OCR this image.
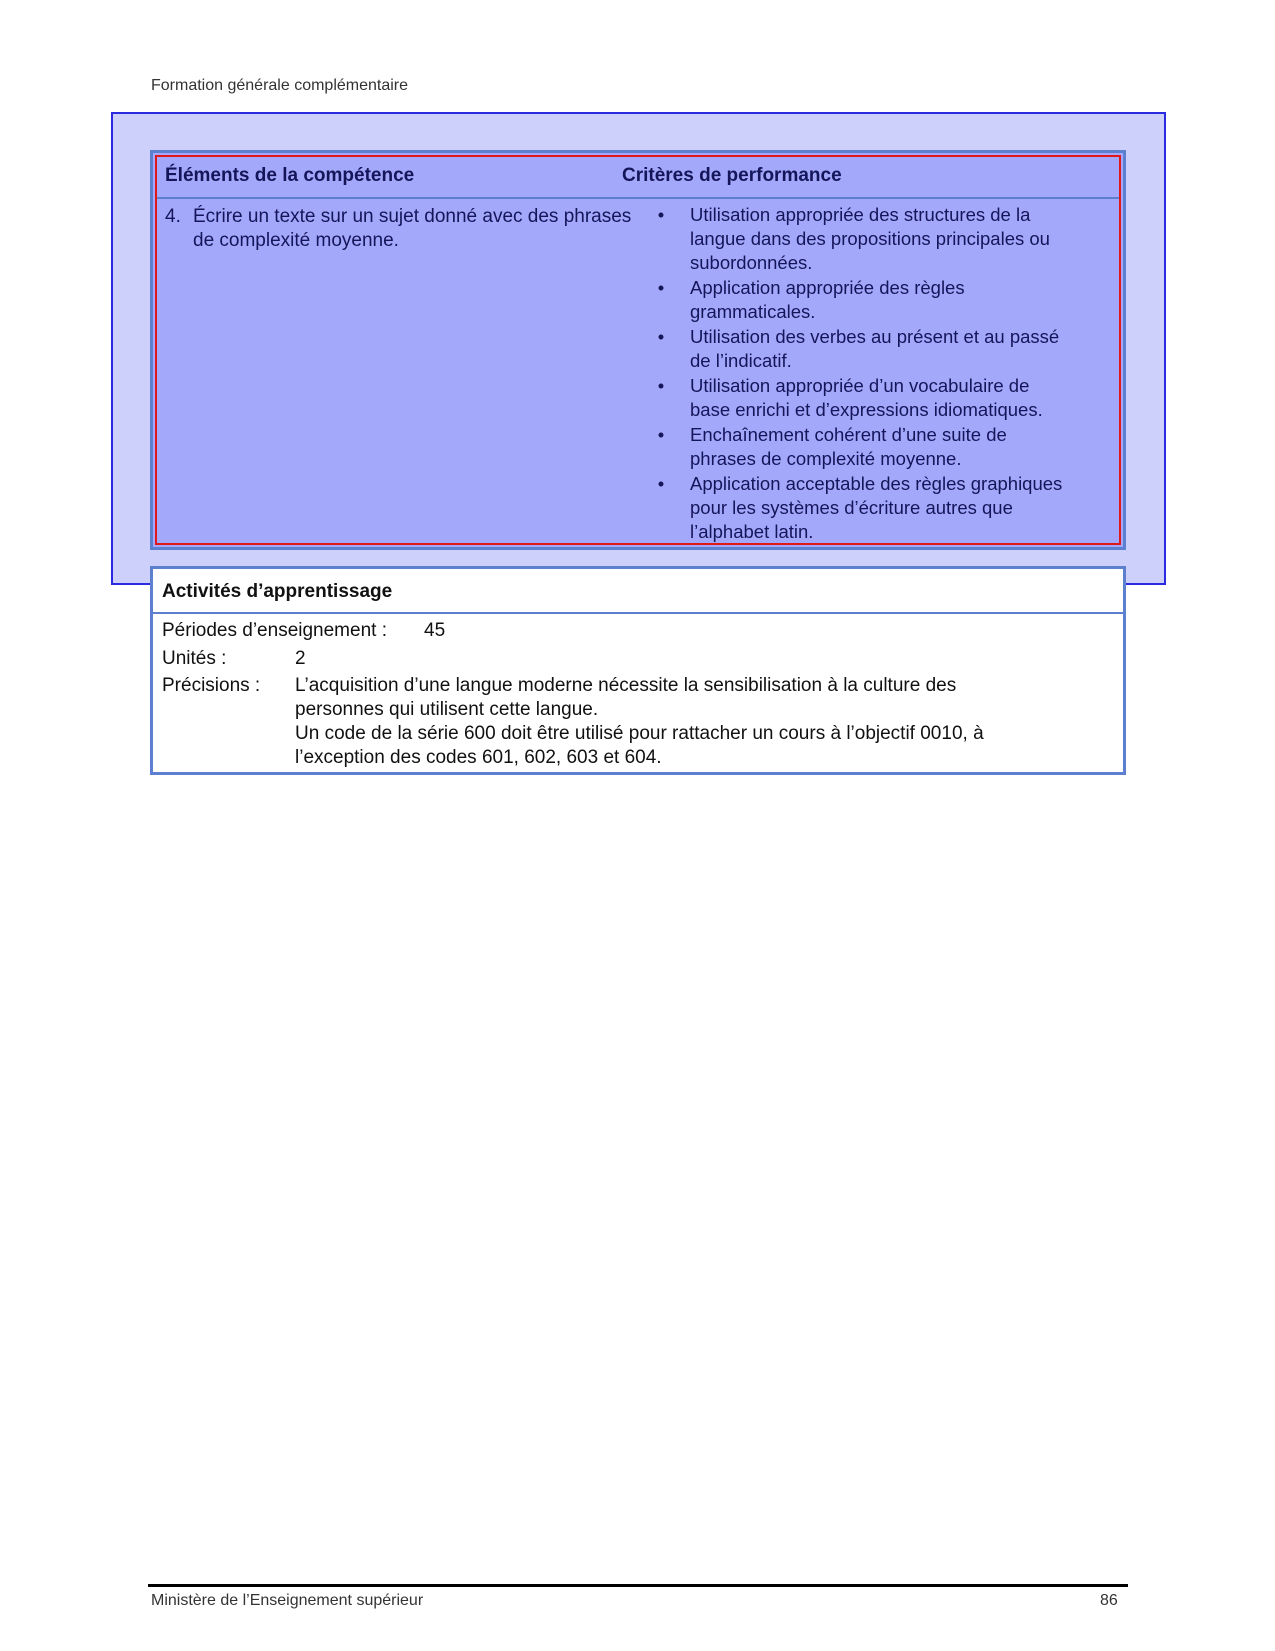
Formation générale complémentaire
Éléments de la compétence	Critères de performance
4. Écrire un texte sur un sujet donné avec des phrases de complexité moyenne.
• Utilisation appropriée des structures de la langue dans des propositions principales ou subordonnées.
• Application appropriée des règles grammaticales.
• Utilisation des verbes au présent et au passé de l’indicatif.
• Utilisation appropriée d’un vocabulaire de base enrichi et d’expressions idiomatiques.
• Enchaînement cohérent d’une suite de phrases de complexité moyenne.
• Application acceptable des règles graphiques pour les systèmes d’écriture autres que l’alphabet latin.
Activités d’apprentissage
Périodes d’enseignement : 45
Unités :	2
Précisions : L’acquisition d’une langue moderne nécessite la sensibilisation à la culture des
personnes qui utilisent cette langue.
Un code de la série 600 doit être utilisé pour rattacher un cours à l’objectif 0010, à
l’exception des codes 601, 602, 603 et 604.
Ministère de l’Enseignement supérieur	86
